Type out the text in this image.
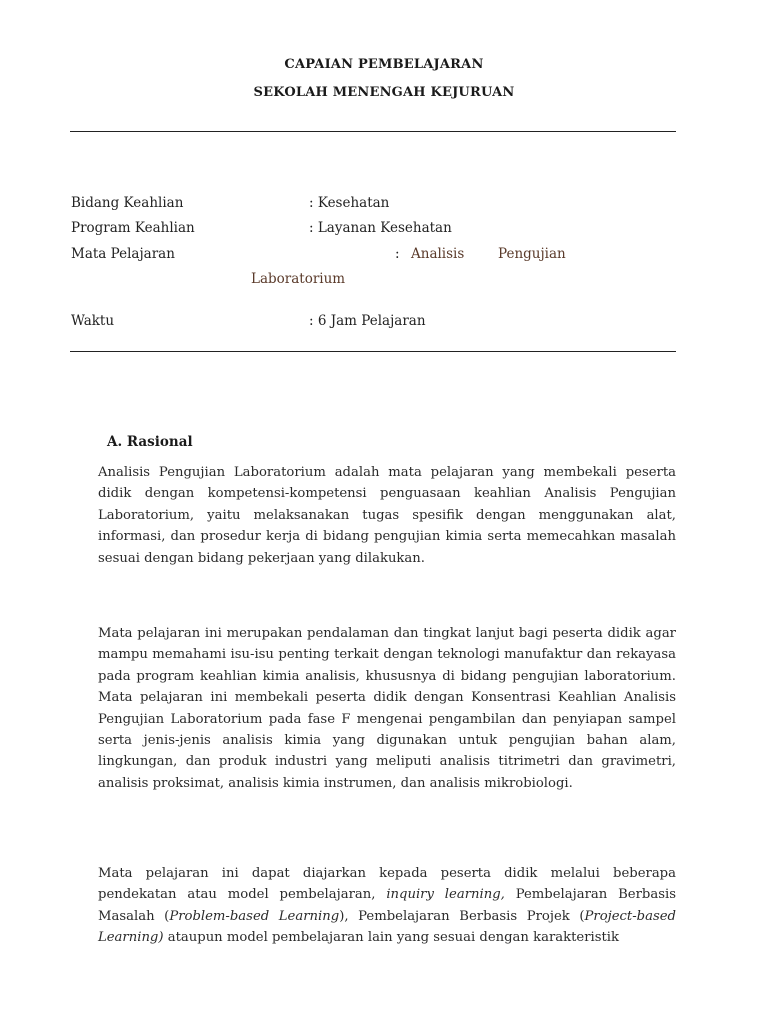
CAPAIAN PEMBELAJARAN
SEKOLAH MENENGAH KEJURUAN
Bidang Keahlian	: Kesehatan
Program Keahlian	: Layanan Kesehatan
Mata Pelajaran	: Analisis Pengujian
Laboratorium
Waktu	: 6 Jam Pelajaran
A. Rasional

Analisis Pengujian Laboratorium adalah mata pelajaran yang membekali peserta didik dengan kompetensi-kompetensi penguasaan keahlian Analisis Pengujian Laboratorium, yaitu melaksanakan tugas spesifik dengan menggunakan alat, informasi, dan prosedur kerja di bidang pengujian kimia serta memecahkan masalah sesuai dengan bidang pekerjaan yang dilakukan.

Mata pelajaran ini merupakan pendalaman dan tingkat lanjut bagi peserta didik agar mampu memahami isu-isu penting terkait dengan teknologi manufaktur dan rekayasa pada program keahlian kimia analisis, khususnya di bidang pengujian laboratorium. Mata pelajaran ini membekali peserta didik dengan Konsentrasi Keahlian Analisis Pengujian Laboratorium pada fase F mengenai pengambilan dan penyiapan sampel serta jenis-jenis analisis kimia yang digunakan untuk pengujian bahan alam, lingkungan, dan produk industri yang meliputi analisis titrimetri dan gravimetri, analisis proksimat, analisis kimia instrumen, dan analisis mikrobiologi.

Mata pelajaran ini dapat diajarkan kepada peserta didik melalui beberapa pendekatan atau model pembelajaran, inquiry learning, Pembelajaran Berbasis Masalah (Problem-based Learning), Pembelajaran Berbasis Projek (Project-based Learning) ataupun model pembelajaran lain yang sesuai dengan karakteristik
